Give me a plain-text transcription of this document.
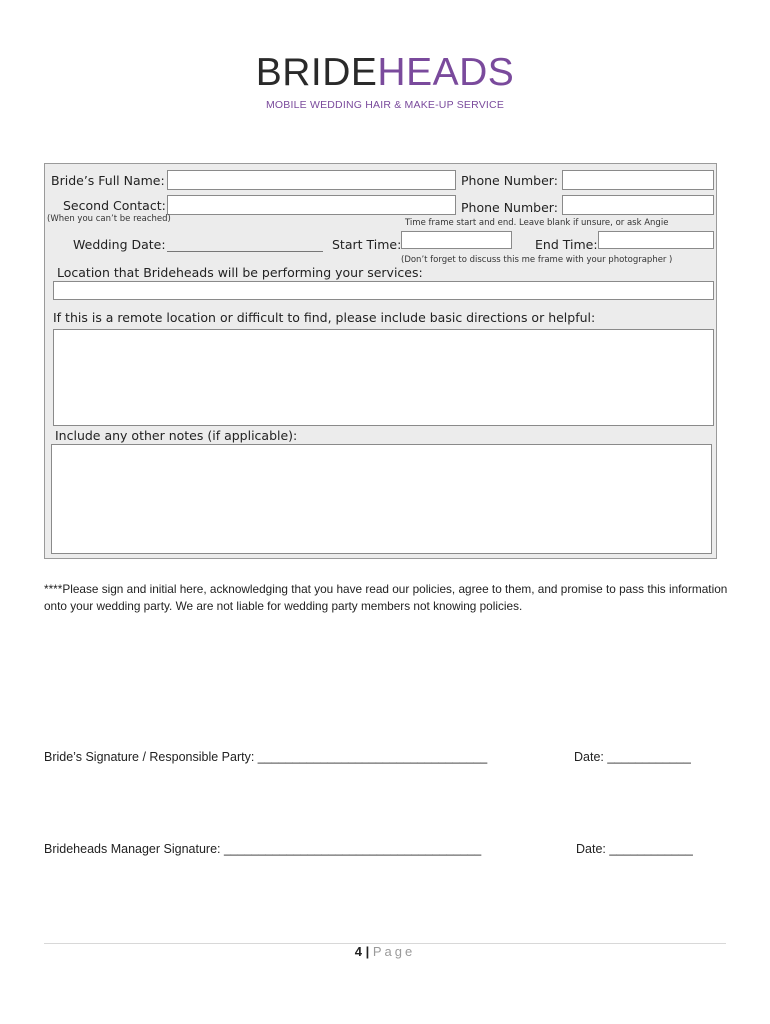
BRIDEHEADS
MOBILE WEDDING HAIR & MAKE-UP SERVICE
Bride’s Full Name:	Phone Number:
Second Contact:	Phone Number:
(When you can’t be reached)	Time frame start and end. Leave blank if unsure, or ask Angie
Wedding Date:	Start Time:	End Time:
(Don’t forget to discuss this me frame with your photographer )
Location that Brideheads will be performing your services:
If this is a remote location or difficult to find, please include basic directions or helpful:
Include any other notes (if applicable):
****Please sign and initial here, acknowledging that you have read our policies, agree to them, and promise to pass this information onto your wedding party. We are not liable for wedding party members not knowing policies.
Bride’s Signature / Responsible Party: _________________________________	Date: ____________
Brideheads Manager Signature: _____________________________________	Date: ____________
4 | Page
